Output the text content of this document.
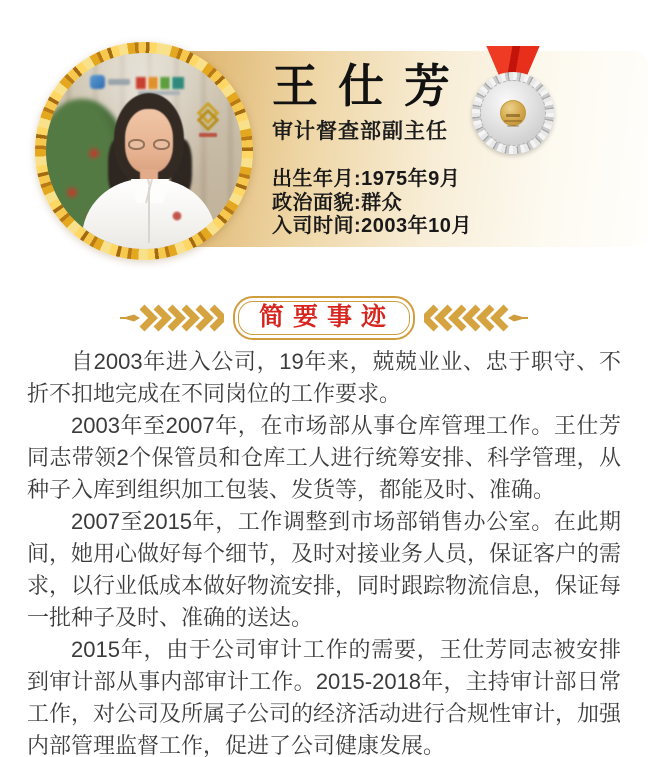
王仕芳
审计督查部副主任
出生年月:1975年9月
政治面貌:群众
入司时间:2003年10月
简要事迹

自2003年进入公司，19年来，兢兢业业、忠于职守、不折不扣地完成在不同岗位的工作要求。

2003年至2007年，在市场部从事仓库管理工作。王仕芳同志带领2个保管员和仓库工人进行统筹安排、科学管理，从种子入库到组织加工包装、发货等，都能及时、准确。

2007至2015年，工作调整到市场部销售办公室。在此期间，她用心做好每个细节，及时对接业务人员，保证客户的需求，以行业低成本做好物流安排，同时跟踪物流信息，保证每一批种子及时、准确的送达。

2015年，由于公司审计工作的需要，王仕芳同志被安排到审计部从事内部审计工作。2015-2018年，主持审计部日常工作，对公司及所属子公司的经济活动进行合规性审计，加强内部管理监督工作，促进了公司健康发展。
